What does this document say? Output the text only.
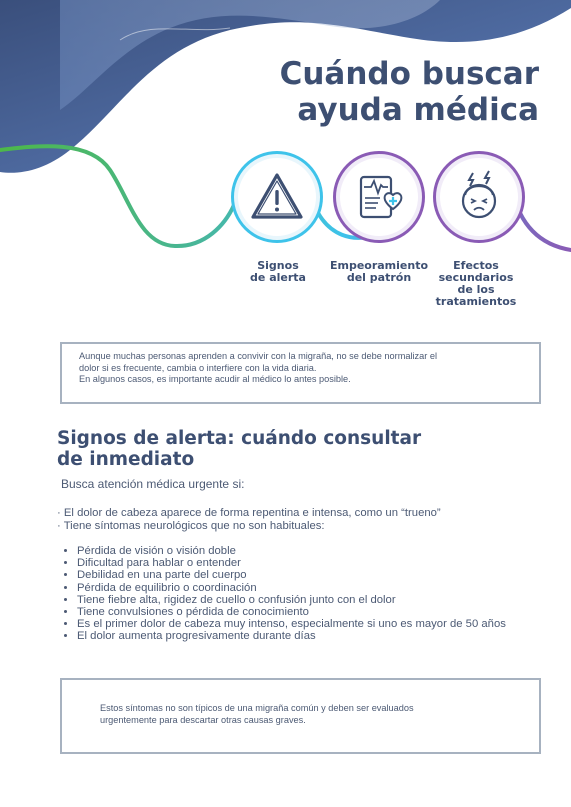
Cuándo buscar
ayuda médica
Signos
de alerta
Empeoramiento
del patrón
Efectos
secundarios
de los
tratamientos

Aunque muchas personas aprenden a convivir con la migraña, no se debe normalizar el
dolor si es frecuente, cambia o interfiere con la vida diaria.
En algunos casos, es importante acudir al médico lo antes posible.

Signos de alerta: cuándo consultar
de inmediato
Busca atención médica urgente si:
· El dolor de cabeza aparece de forma repentina e intensa, como un “trueno”
· Tiene síntomas neurológicos que no son habituales:
• Pérdida de visión o visión doble
• Dificultad para hablar o entender
• Debilidad en una parte del cuerpo
• Pérdida de equilibrio o coordinación
• Tiene fiebre alta, rigidez de cuello o confusión junto con el dolor
• Tiene convulsiones o pérdida de conocimiento
• Es el primer dolor de cabeza muy intenso, especialmente si uno es mayor de 50 años
• El dolor aumenta progresivamente durante días

Estos síntomas no son típicos de una migraña común y deben ser evaluados
urgentemente para descartar otras causas graves.
